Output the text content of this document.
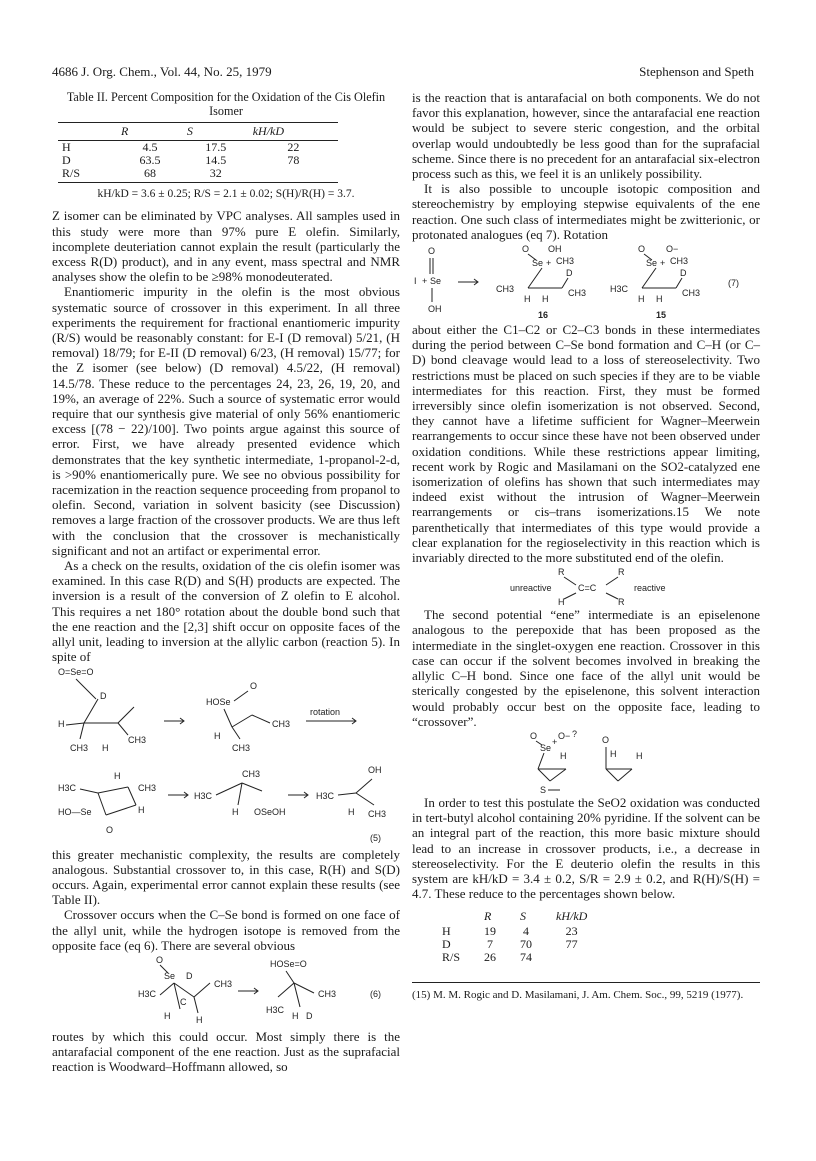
4686 J. Org. Chem., Vol. 44, No. 25, 1979	Stephenson and Speth
Table II. Percent Composition for the Oxidation of the Cis Olefin Isomer
	R	S	kH/kD
H	4.5	17.5	22
D	63.5	14.5	78
R/S	68	32	
kH/kD = 3.6 ± 0.25; R/S = 2.1 ± 0.02; S(H)/R(H) = 3.7.

Z isomer can be eliminated by VPC analyses. All samples used in this study were more than 97% pure E olefin. Similarly, incomplete deuteriation cannot explain the result (particularly the excess R(D) product), and in any event, mass spectral and NMR analyses show the olefin to be ≥98% monodeuterated.

Enantiomeric impurity in the olefin is the most obvious systematic source of crossover in this experiment. In all three experiments the requirement for fractional enantiomeric impurity (R/S) would be reasonably constant: for E-I (D removal) 5/21, (H removal) 18/79; for E-II (D removal) 6/23, (H removal) 15/77; for the Z isomer (see below) (D removal) 4.5/22, (H removal) 14.5/78. These reduce to the percentages 24, 23, 26, 19, 20, and 19%, an average of 22%. Such a source of systematic error would require that our synthesis give material of only 56% enantiomeric excess [(78 − 22)/100]. Two points argue against this source of error. First, we have already presented evidence which demonstrates that the key synthetic intermediate, 1-propanol-2-d, is >90% enantiomerically pure. We see no obvious possibility for racemization in the reaction sequence proceeding from propanol to olefin. Second, variation in solvent basicity (see Discussion) removes a large fraction of the crossover products. We are thus left with the conclusion that the crossover is mechanistically significant and not an artifact or experimental error.

As a check on the results, oxidation of the cis olefin isomer was examined. In this case R(D) and S(H) products are expected. The inversion is a result of the conversion of Z olefin to E alcohol. This requires a net 180° rotation about the double bond such that the ene reaction and the [2,3] shift occur on opposite faces of the allyl unit, leading to inversion at the allylic carbon (reaction 5). In spite of

O=Se=O
D
H
CH3
CH3 H
HOSe
O
CH3
H
CH3
rotation
H3C	CH3
HO—Se
O
H
H	CH3
H3C
H OSeOH
OH
H3C
H CH3
(5)

this greater mechanistic complexity, the results are completely analogous. Substantial crossover to, in this case, R(H) and S(D) occurs. Again, experimental error cannot explain these results (see Table II).

Crossover occurs when the C–Se bond is formed on one face of the allyl unit, while the hydrogen isotope is removed from the opposite face (eq 6). There are several obvious

O
Se D
H3C
CH3
H	H
C
HOSe=O
CH3
H3C
H D
(6)

routes by which this could occur. Most simply there is the antarafacial component of the ene reaction. Just as the suprafacial reaction is Woodward–Hoffmann allowed, so

is the reaction that is antarafacial on both components. We do not favor this explanation, however, since the antarafacial ene reaction would be subject to severe steric congestion, and the orbital overlap would undoubtedly be less good than for the suprafacial scheme. Since there is no precedent for an antarafacial six-electron process such as this, we feel it is an unlikely possibility.

It is also possible to uncouple isotopic composition and stereochemistry by employing stepwise equivalents of the ene reaction. One such class of intermediates might be zwitterionic, or protonated analogues (eq 7). Rotation

O
I + Se
OH
O OH
Se + CH3
D
CH3
H H
CH3
O O−
Se + CH3
D
H3C
H H
CH3
(7)
16	15

about either the C1–C2 or C2–C3 bonds in these intermediates during the period between C–Se bond formation and C–H (or C–D) bond cleavage would lead to a loss of stereoselectivity. Two restrictions must be placed on such species if they are to be viable intermediates for this reaction. First, they must be formed irreversibly since olefin isomerization is not observed. Second, they cannot have a lifetime sufficient for Wagner–Meerwein rearrangements to occur since these have not been observed under oxidation conditions. While these restrictions appear limiting, recent work by Rogic and Masilamani on the SO2-catalyzed ene isomerization of olefins has shown that such intermediates may indeed exist without the intrusion of Wagner–Meerwein rearrangements or cis–trans isomerizations.15 We note parenthetically that intermediates of this type would provide a clear explanation for the regioselectivity in this reaction which is invariably directed to the more substituted end of the olefin.

R	R
unreactive	C=C	reactive
H	R

The second potential “ene” intermediate is an episelenone analogous to the perepoxide that has been proposed as the intermediate in the singlet-oxygen ene reaction. Crossover in this case can occur if the solvent becomes involved in breaking the allylic C–H bond. Since one face of the allyl unit would be sterically congested by the episelenone, this solvent interaction would probably occur best on the opposite face, leading to “crossover”.

O
Se
O− ?
H
+	O
H H
S

In order to test this postulate the SeO2 oxidation was conducted in tert-butyl alcohol containing 20% pyridine. If the solvent can be an integral part of the reaction, this more basic mixture should lead to an increase in crossover products, i.e., a decrease in stereoselectivity. For the E deuterio olefin the results in this system are kH/kD = 3.4 ± 0.2, S/R = 2.9 ± 0.2, and R(H)/S(H) = 4.7. These reduce to the percentages shown below.

	R	S	kH/kD
H	19	4	23
D	7	70	77
R/S	26	74	
(15) M. M. Rogic and D. Masilamani, J. Am. Chem. Soc., 99, 5219 (1977).
